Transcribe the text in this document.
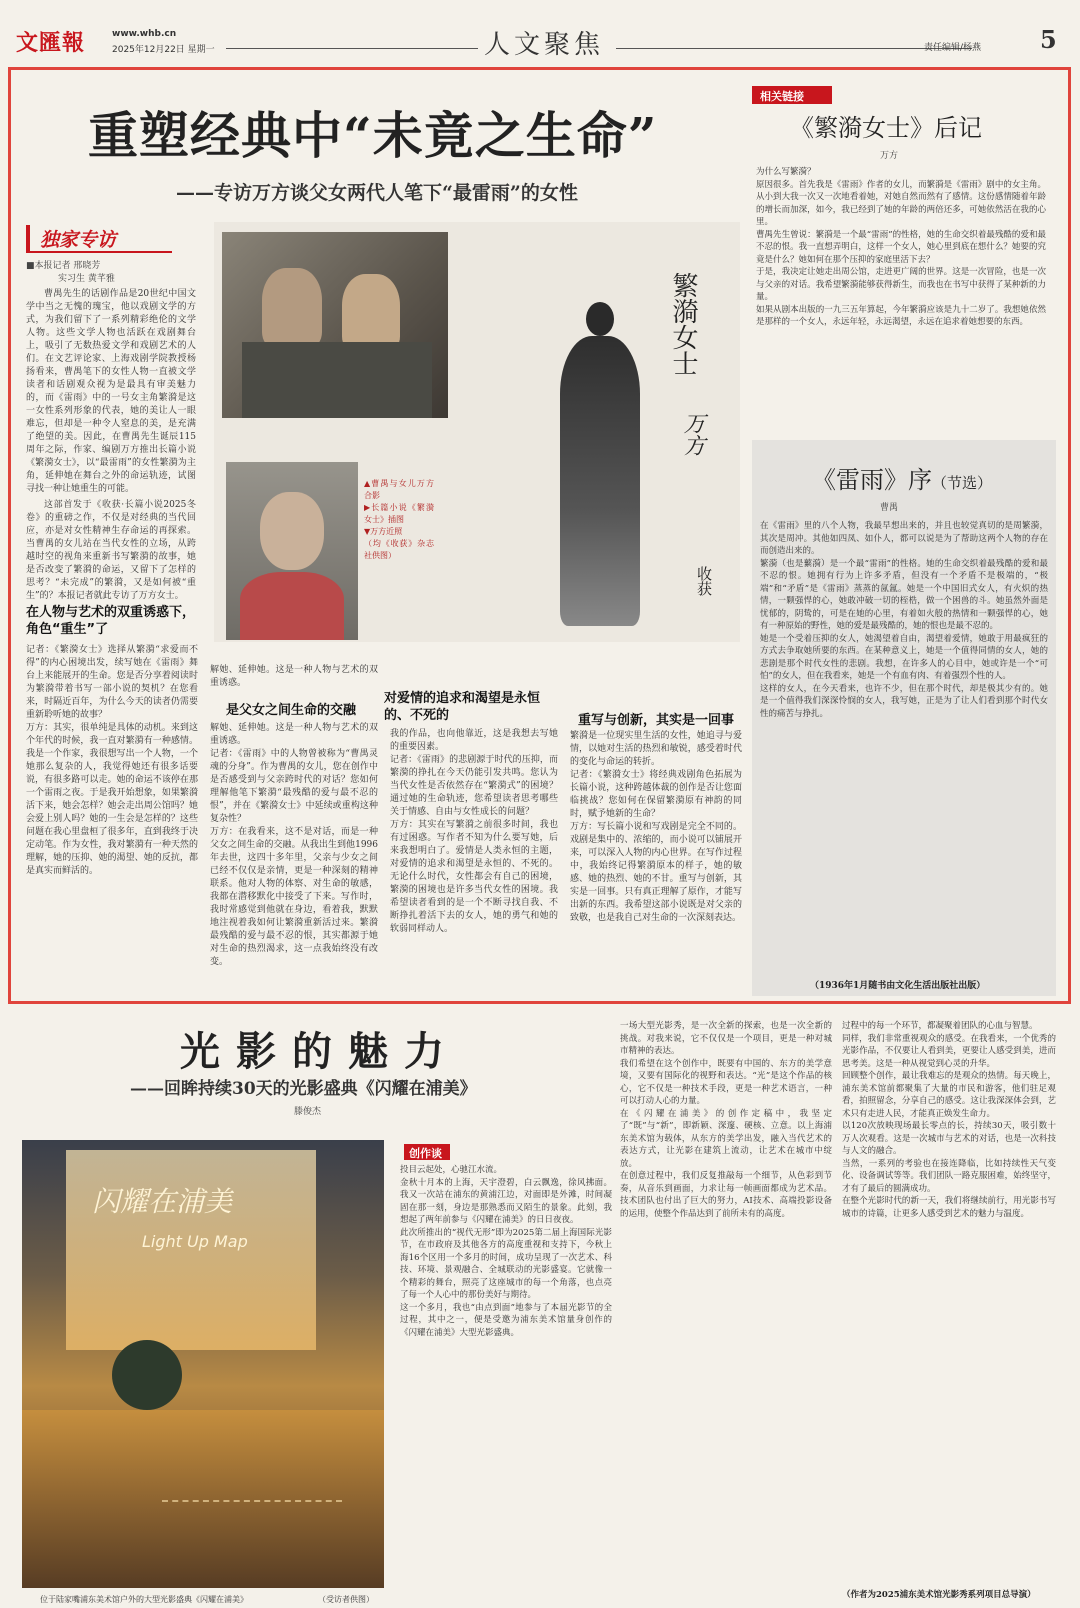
文匯報	www.whb.cn
2025年12月22日 星期一	人文聚焦	责任编辑/杨燕 5
重塑经典中“未竟之生命”
——专访万方谈父女两代人笔下“最雷雨”的女性
独家专访
■本报记者 邢晓芳
实习生 黄芊雅

曹禺先生的话剧作品是20世纪中国文学中当之无愧的瑰宝，他以戏剧文学的方式，为我们留下了一系列精彩绝伦的文学人物。这些文学人物也活跃在戏剧舞台上，吸引了无数热爱文学和戏剧艺术的人们。在文艺评论家、上海戏剧学院教授杨扬看来，曹禺笔下的女性人物一直被文学读者和话剧观众视为是最具有审美魅力的，而《雷雨》中的一号女主角繁漪是这一女性系列形象的代表，她的美让人一眼难忘，但却是一种令人窒息的美，是充满了绝望的美。因此，在曹禺先生诞辰115周年之际，作家、编剧万方推出长篇小说《繁漪女士》，以“最雷雨”的女性繁漪为主角，延伸她在舞台之外的命运轨迹，试图寻找一种让她重生的可能。

这部首发于《收获·长篇小说2025冬卷》的重磅之作，不仅是对经典的当代回应，亦是对女性精神生存命运的再探索。当曹禺的女儿站在当代女性的立场，从跨越时空的视角来重新书写繁漪的故事，她是否改变了繁漪的命运，又留下了怎样的思考？“未完成”的繁漪，又是如何被“重生”的？本报记者就此专访了万方女士。

在人物与艺术的双重诱惑下，角色“重生”了
记者：《繁漪女士》选择从繁漪“求爱而不得”的内心困境出发，续写她在《雷雨》舞台上来能展开的生命。您是否分享着阅读时为繁漪带着书写一部小说的契机？在您看来，时隔近百年，为什么今天的读者仍需要重新聆听她的故事？
万方：其实，很单纯是具体的动机。来到这个年代的时候，我一直对繁漪有一种感情。我是一个作家，我很想写出一个人物，一个她那么复杂的人，我觉得她还有很多话要说，有很多路可以走。她的命运不该停在那一个雷雨之夜。于是我开始想象，如果繁漪活下来，她会怎样？她会走出周公馆吗？她会爱上别人吗？她的一生会是怎样的？这些问题在我心里盘桓了很多年，直到我终于决定动笔。作为女性，我对繁漪有一种天然的理解，她的压抑、她的渴望、她的反抗，都是真实而鲜活的。
▲曹禺与女儿万方合影
▶长篇小说《繁漪女士》插图
▼万方近照
（均《收获》杂志社供图）
繁漪女士
万方
收获
解她、延伸她。这是一种人物与艺术的双重诱惑。
是父女之间生命的交融
解她、延伸她。这是一种人物与艺术的双重诱惑。
记者：《雷雨》中的人物曾被称为“曹禺灵魂的分身”。作为曹禺的女儿，您在创作中是否感受到与父亲跨时代的对话？您如何理解他笔下繁漪“最残酷的爱与最不忍的恨”，并在《繁漪女士》中延续或重构这种复杂性？
万方：在我看来，这不是对话，而是一种父女之间生命的交融。从我出生到他1996年去世，这四十多年里，父亲与少女之间已经不仅仅是亲情，更是一种深刻的精神联系。他对人物的体察、对生命的敏感，我都在潜移默化中接受了下来。写作时，我时常感觉到他就在身边，看着我，默默地注视着我如何让繁漪重新活过来。繁漪最残酷的爱与最不忍的恨，其实都源于她对生命的热烈渴求，这一点我始终没有改变。
对爱情的追求和渴望是永恒的、不死的
我的作品，也向他靠近，这是我想去写她的重要因素。
记者：《雷雨》的悲剧源于时代的压抑，而繁漪的挣扎在今天仍能引发共鸣。您认为当代女性是否依然存在“繁漪式”的困境？通过她的生命轨迹，您希望读者思考哪些关于情感、自由与女性成长的问题？
万方：其实在写繁漪之前很多时间，我也有过困惑。写作者不知为什么要写她，后来我想明白了。爱情是人类永恒的主题，对爱情的追求和渴望是永恒的、不死的。无论什么时代，女性都会有自己的困境，繁漪的困境也是许多当代女性的困境。我希望读者看到的是一个不断寻找自我、不断挣扎着活下去的女人，她的勇气和她的软弱同样动人。
重写与创新，其实是一回事
繁漪是一位现实里生活的女性，她追寻与爱情，以她对生活的热烈和敏锐，感受着时代的变化与命运的转折。
记者：《繁漪女士》将经典戏剧角色拓展为长篇小说，这种跨越体裁的创作是否让您面临挑战？您如何在保留繁漪原有神韵的同时，赋予她新的生命？
万方：写长篇小说和写戏剧是完全不同的。戏剧是集中的、浓缩的，而小说可以铺展开来，可以深入人物的内心世界。在写作过程中，我始终记得繁漪原本的样子，她的敏感、她的热烈、她的不甘。重写与创新，其实是一回事。只有真正理解了原作，才能写出新的东西。我希望这部小说既是对父亲的致敬，也是我自己对生命的一次深刻表达。
相关链接
《繁漪女士》后记
万方
为什么写繁漪？
原因很多。首先我是《雷雨》作者的女儿，而繁漪是《雷雨》剧中的女主角。从小到大我一次又一次地看着她，对她自然而然有了感情。这份感情随着年龄的增长而加深，如今，我已经到了她的年龄的两倍还多，可她依然活在我的心里。
曹禺先生曾说：繁漪是一个最“雷雨”的性格，她的生命交织着最残酷的爱和最不忍的恨。我一直想弄明白，这样一个女人，她心里到底在想什么？她要的究竟是什么？她如何在那个压抑的家庭里活下去？
于是，我决定让她走出周公馆，走进更广阔的世界。这是一次冒险，也是一次与父亲的对话。我希望繁漪能够获得新生，而我也在书写中获得了某种新的力量。
如果从剧本出版的一九三五年算起，今年繁漪应该是九十二岁了。我想她依然是那样的一个女人，永远年轻，永远渴望，永远在追求着她想要的东西。
《雷雨》序（节选）
曹禺
在《雷雨》里的八个人物，我最早想出来的，并且也较觉真切的是周繁漪，其次是周冲。其他如四凤、如仆人，都可以说是为了帮助这两个人物的存在而创造出来的。
繁漪（也是蘩漪）是一个最“雷雨”的性格。她的生命交织着最残酷的爱和最不忍的恨。她拥有行为上许多矛盾，但没有一个矛盾不是极端的，“极端”和“矛盾”是《雷雨》蒸蒸的氤氲。她是一个中国旧式女人，有火炽的热情，一颗强悍的心，她敢冲破一切的桎梏，做一个困兽的斗。她虽然外面是忧郁的，阴鸷的，可是在她的心里，有着如火般的热情和一颗强悍的心，她有一种原始的野性，她的爱是最残酷的，她的恨也是最不忍的。
她是一个受着压抑的女人，她渴望着自由，渴望着爱情，她敢于用最疯狂的方式去争取她所要的东西。在某种意义上，她是一个值得同情的女人，她的悲剧是那个时代女性的悲剧。我想，在许多人的心目中，她或许是一个“可怕”的女人，但在我看来，她是一个有血有肉、有着强烈个性的人。
这样的女人，在今天看来，也许不少，但在那个时代，却是极其少有的。她是一个值得我们深深怜悯的女人，我写她，正是为了让人们看到那个时代女性的痛苦与挣扎。
（1936年1月随书由文化生活出版社出版）
光影的魅力
——回眸持续30天的光影盛典《闪耀在浦美》
滕俊杰
闪耀在浦美
Light Up Map
位于陆家嘴浦东美术馆户外的大型光影盛典《闪耀在浦美》	（受访者供图）
创作谈
投目云起处，心驰江水流。
金秋十月本的上海，天宇澄碧，白云飘逸，徐风拂面。我又一次站在浦东的黄浦江边，对面即是外滩，时间凝固在那一刻，身边是那熟悉而又陌生的景象。此刻，我想起了两年前参与《闪耀在浦美》的日日夜夜。
此次所推出的“视代无形”即为2025第二届上海国际光影节，在市政府及其他各方的高度重视和支持下，今秋上海16个区用一个多月的时间，成功呈现了一次艺术、科技、环境、景观融合、全城联动的光影盛宴。它就像一个精彩的舞台，照亮了这座城市的每一个角落，也点亮了每一个人心中的那份美好与期待。
这一个多月，我也“由点到面”地参与了本届光影节的全过程，其中之一，便是受邀为浦东美术馆量身创作的《闪耀在浦美》大型光影盛典。
一场大型光影秀，是一次全新的探索，也是一次全新的挑战。对我来说，它不仅仅是一个项目，更是一种对城市精神的表达。
我们希望在这个创作中，既要有中国的、东方的美学意境，又要有国际化的视野和表达。“光”是这个作品的核心，它不仅是一种技术手段，更是一种艺术语言，一种可以打动人心的力量。
在《闪耀在浦美》的创作定稿中，我坚定了“既”与“新”，即新颖、深邃、硬核、立意。以上海浦东美术馆为载体，从东方的美学出发，融入当代艺术的表达方式，让光影在建筑上流动，让艺术在城市中绽放。
在创意过程中，我们反复推敲每一个细节，从色彩到节奏，从音乐到画面，力求让每一帧画面都成为艺术品。技术团队也付出了巨大的努力，AI技术、高端投影设备的运用，使整个作品达到了前所未有的高度。
过程中的每一个环节，都凝聚着团队的心血与智慧。
同样，我们非常重视观众的感受。在我看来，一个优秀的光影作品，不仅要让人看到美，更要让人感受到美，进而思考美。这是一种从视觉到心灵的升华。
回顾整个创作，最让我难忘的是观众的热情。每天晚上，浦东美术馆前都聚集了大量的市民和游客，他们驻足观看，拍照留念，分享自己的感受。这让我深深体会到，艺术只有走进人民，才能真正焕发生命力。
以120次放映现场最长零点的长，持续30天，吸引数十万人次观看。这是一次城市与艺术的对话，也是一次科技与人文的融合。
当然，一系列的考验也在接连降临，比如持续性天气变化、设备调试等等。我们团队一路克服困难，始终坚守，才有了最后的圆满成功。
在整个光影时代的新一天，我们将继续前行，用光影书写城市的诗篇，让更多人感受到艺术的魅力与温度。
（作者为2025浦东美术馆光影秀系列项目总导演）
